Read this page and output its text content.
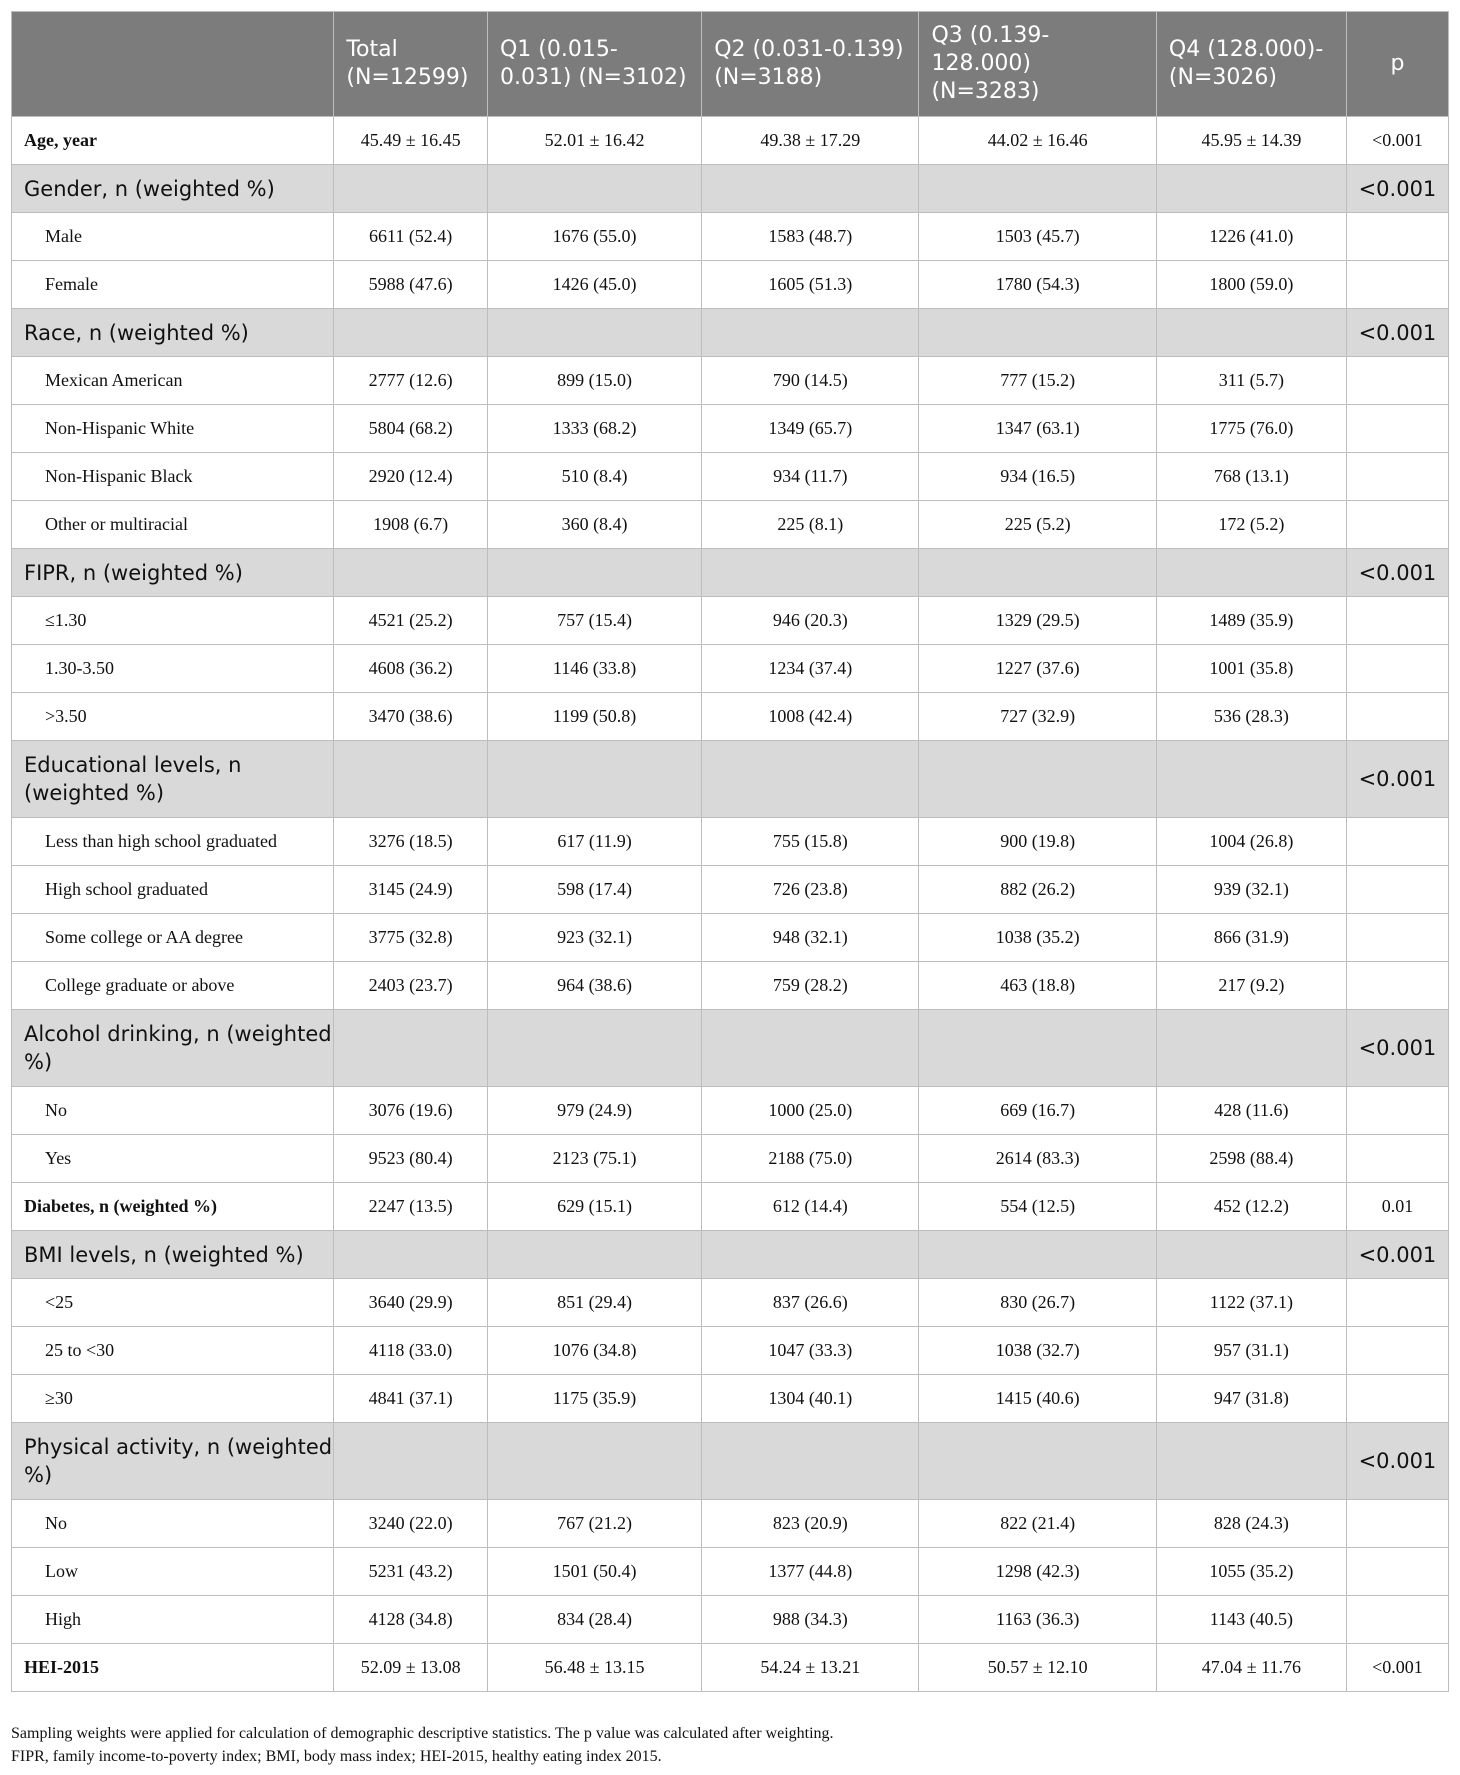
	Total (N=12599)	Q1 (0.015-0.031) (N=3102)	Q2 (0.031-0.139) (N=3188)	Q3 (0.139-128.000) (N=3283)	Q4 (128.000)-(N=3026)	p
Age, year	45.49 ± 16.45	52.01 ± 16.42	49.38 ± 17.29	44.02 ± 16.46	45.95 ± 14.39	<0.001
Gender, n (weighted %)						<0.001
Male	6611 (52.4)	1676 (55.0)	1583 (48.7)	1503 (45.7)	1226 (41.0)	
Female	5988 (47.6)	1426 (45.0)	1605 (51.3)	1780 (54.3)	1800 (59.0)	
Race, n (weighted %)						<0.001
Mexican American	2777 (12.6)	899 (15.0)	790 (14.5)	777 (15.2)	311 (5.7)	
Non-Hispanic White	5804 (68.2)	1333 (68.2)	1349 (65.7)	1347 (63.1)	1775 (76.0)	
Non-Hispanic Black	2920 (12.4)	510 (8.4)	934 (11.7)	934 (16.5)	768 (13.1)	
Other or multiracial	1908 (6.7)	360 (8.4)	225 (8.1)	225 (5.2)	172 (5.2)	
FIPR, n (weighted %)						<0.001
≤1.30	4521 (25.2)	757 (15.4)	946 (20.3)	1329 (29.5)	1489 (35.9)	
1.30-3.50	4608 (36.2)	1146 (33.8)	1234 (37.4)	1227 (37.6)	1001 (35.8)	
>3.50	3470 (38.6)	1199 (50.8)	1008 (42.4)	727 (32.9)	536 (28.3)	
Educational levels, n (weighted %)						<0.001
Less than high school graduated	3276 (18.5)	617 (11.9)	755 (15.8)	900 (19.8)	1004 (26.8)	
High school graduated	3145 (24.9)	598 (17.4)	726 (23.8)	882 (26.2)	939 (32.1)	
Some college or AA degree	3775 (32.8)	923 (32.1)	948 (32.1)	1038 (35.2)	866 (31.9)	
College graduate or above	2403 (23.7)	964 (38.6)	759 (28.2)	463 (18.8)	217 (9.2)	
Alcohol drinking, n (weighted %)						<0.001
No	3076 (19.6)	979 (24.9)	1000 (25.0)	669 (16.7)	428 (11.6)	
Yes	9523 (80.4)	2123 (75.1)	2188 (75.0)	2614 (83.3)	2598 (88.4)	
Diabetes, n (weighted %)	2247 (13.5)	629 (15.1)	612 (14.4)	554 (12.5)	452 (12.2)	0.01
BMI levels, n (weighted %)						<0.001
<25	3640 (29.9)	851 (29.4)	837 (26.6)	830 (26.7)	1122 (37.1)	
25 to <30	4118 (33.0)	1076 (34.8)	1047 (33.3)	1038 (32.7)	957 (31.1)	
≥30	4841 (37.1)	1175 (35.9)	1304 (40.1)	1415 (40.6)	947 (31.8)	
Physical activity, n (weighted %)						<0.001
No	3240 (22.0)	767 (21.2)	823 (20.9)	822 (21.4)	828 (24.3)	
Low	5231 (43.2)	1501 (50.4)	1377 (44.8)	1298 (42.3)	1055 (35.2)	
High	4128 (34.8)	834 (28.4)	988 (34.3)	1163 (36.3)	1143 (40.5)	
HEI-2015	52.09 ± 13.08	56.48 ± 13.15	54.24 ± 13.21	50.57 ± 12.10	47.04 ± 11.76	<0.001
Sampling weights were applied for calculation of demographic descriptive statistics. The p value was calculated after weighting.
FIPR, family income-to-poverty index; BMI, body mass index; HEI-2015, healthy eating index 2015.
